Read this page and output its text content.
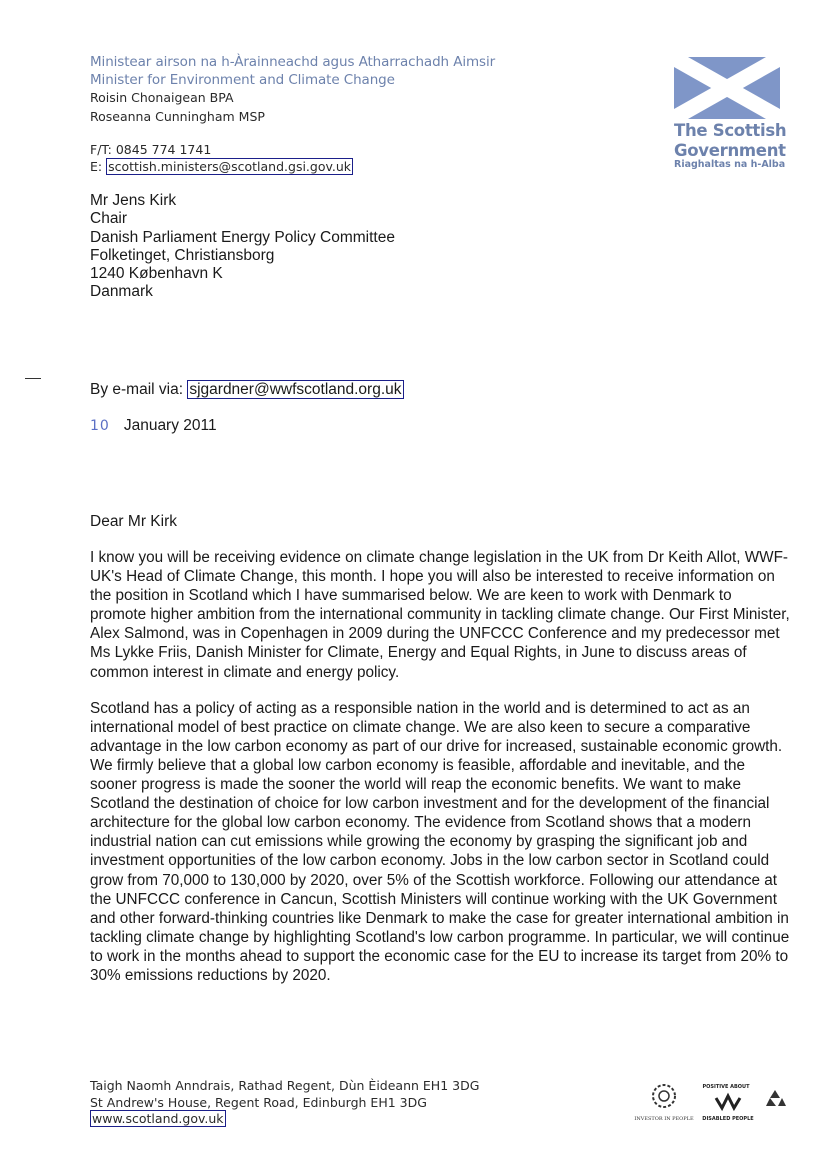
Ministear airson na h-Àrainneachd agus Atharrachadh Aimsir
Minister for Environment and Climate Change
Roisin Chonaigean BPA
Roseanna Cunningham MSP
F/T: 0845 774 1741
E: scottish.ministers@scotland.gsi.gov.uk
The Scottish
Government
Riaghaltas na h-Alba
Mr Jens Kirk
Chair
Danish Parliament Energy Policy Committee
Folketinget, Christiansborg
1240 København K
Danmark
By e-mail via: sjgardner@wwfscotland.org.uk
10 January 2011
Dear Mr Kirk

I know you will be receiving evidence on climate change legislation in the UK from Dr Keith Allot, WWF-UK's Head of Climate Change, this month. I hope you will also be interested to receive information on the position in Scotland which I have summarised below. We are keen to work with Denmark to promote higher ambition from the international community in tackling climate change. Our First Minister, Alex Salmond, was in Copenhagen in 2009 during the UNFCCC Conference and my predecessor met Ms Lykke Friis, Danish Minister for Climate, Energy and Equal Rights, in June to discuss areas of common interest in climate and energy policy.

Scotland has a policy of acting as a responsible nation in the world and is determined to act as an international model of best practice on climate change. We are also keen to secure a comparative advantage in the low carbon economy as part of our drive for increased, sustainable economic growth. We firmly believe that a global low carbon economy is feasible, affordable and inevitable, and the sooner progress is made the sooner the world will reap the economic benefits. We want to make Scotland the destination of choice for low carbon investment and for the development of the financial architecture for the global low carbon economy. The evidence from Scotland shows that a modern industrial nation can cut emissions while growing the economy by grasping the significant job and investment opportunities of the low carbon economy. Jobs in the low carbon sector in Scotland could grow from 70,000 to 130,000 by 2020, over 5% of the Scottish workforce. Following our attendance at the UNFCCC conference in Cancun, Scottish Ministers will continue working with the UK Government and other forward-thinking countries like Denmark to make the case for greater international ambition in tackling climate change by highlighting Scotland's low carbon programme. In particular, we will continue to work in the months ahead to support the economic case for the EU to increase its target from 20% to 30% emissions reductions by 2020.

Taigh Naomh Anndrais, Rathad Regent, Dùn Èideann EH1 3DG
St Andrew's House, Regent Road, Edinburgh EH1 3DG
www.scotland.gov.uk	INVESTOR IN PEOPLE
POSITIVE ABOUT
DISABLED PEOPLE
